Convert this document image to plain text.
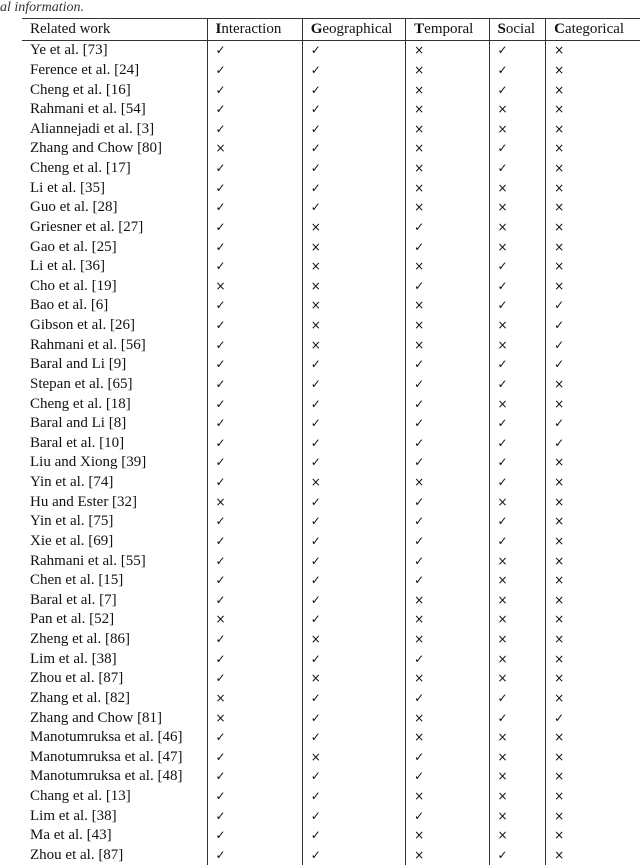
al information.
Related work	Interaction	Geographical	Temporal	Social	Categorical
Ye et al. [73]	✓	✓	×	✓	×
Ference et al. [24]	✓	✓	×	✓	×
Cheng et al. [16]	✓	✓	×	✓	×
Rahmani et al. [54]	✓	✓	×	×	×
Aliannejadi et al. [3]	✓	✓	×	×	×
Zhang and Chow [80]	×	✓	×	✓	×
Cheng et al. [17]	✓	✓	×	✓	×
Li et al. [35]	✓	✓	×	×	×
Guo et al. [28]	✓	✓	×	×	×
Griesner et al. [27]	✓	×	✓	×	×
Gao et al. [25]	✓	×	✓	×	×
Li et al. [36]	✓	×	×	✓	×
Cho et al. [19]	×	×	✓	✓	×
Bao et al. [6]	✓	×	×	✓	✓
Gibson et al. [26]	✓	×	×	×	✓
Rahmani et al. [56]	✓	×	×	×	✓
Baral and Li [9]	✓	✓	✓	✓	✓
Stepan et al. [65]	✓	✓	✓	✓	×
Cheng et al. [18]	✓	✓	✓	×	×
Baral and Li [8]	✓	✓	✓	✓	✓
Baral et al. [10]	✓	✓	✓	✓	✓
Liu and Xiong [39]	✓	✓	✓	✓	×
Yin et al. [74]	✓	×	×	✓	×
Hu and Ester [32]	×	✓	✓	×	×
Yin et al. [75]	✓	✓	✓	✓	×
Xie et al. [69]	✓	✓	✓	✓	×
Rahmani et al. [55]	✓	✓	✓	×	×
Chen et al. [15]	✓	✓	✓	×	×
Baral et al. [7]	✓	✓	×	×	×
Pan et al. [52]	×	✓	×	×	×
Zheng et al. [86]	✓	×	×	×	×
Lim et al. [38]	✓	✓	✓	×	×
Zhou et al. [87]	✓	×	×	×	×
Zhang et al. [82]	×	✓	✓	✓	×
Zhang and Chow [81]	×	✓	×	✓	✓
Manotumruksa et al. [46]	✓	✓	×	×	×
Manotumruksa et al. [47]	✓	×	✓	×	×
Manotumruksa et al. [48]	✓	✓	✓	×	×
Chang et al. [13]	✓	✓	×	×	×
Lim et al. [38]	✓	✓	✓	×	×
Ma et al. [43]	✓	✓	×	×	×
Zhou et al. [87]	✓	✓	×	✓	×
